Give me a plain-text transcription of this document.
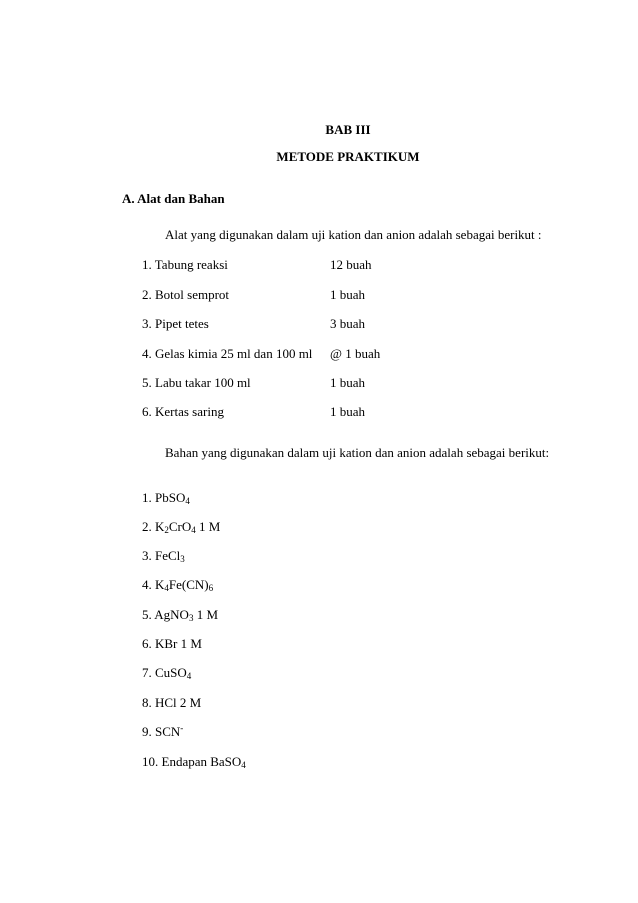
BAB III
METODE PRAKTIKUM
A. Alat dan Bahan
Alat yang digunakan dalam uji kation dan anion adalah sebagai berikut :
1. Tabung reaksi	12 buah
2. Botol semprot	1 buah
3. Pipet tetes	3 buah
4. Gelas kimia 25 ml dan 100 ml @ 1 buah
5. Labu takar 100 ml	1 buah
6. Kertas saring	1 buah
Bahan yang digunakan dalam uji kation dan anion adalah sebagai berikut:
1. PbSO$_4$
2. $K_2CrO_4$ 1 M
3. FeCl$_3$
4. $K_4Fe(CN)_6$
5. AgNO$_3$ 1 M
6. KBr 1 M
7. CuSO$_4$
8. HCl 2 M
9. SCN-
10. Endapan BaSO$_4$
